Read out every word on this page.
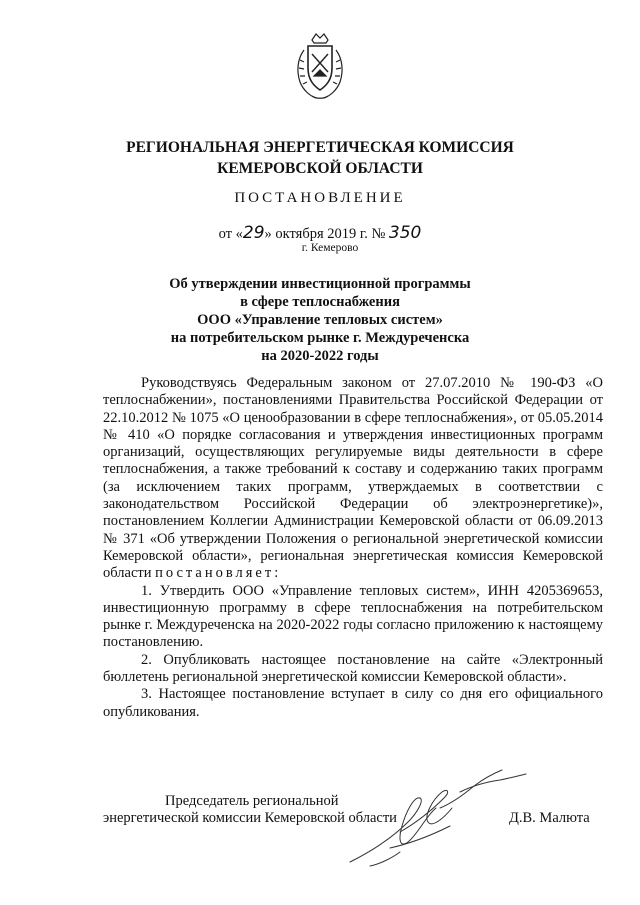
РЕГИОНАЛЬНАЯ ЭНЕРГЕТИЧЕСКАЯ КОМИССИЯ
КЕМЕРОВСКОЙ ОБЛАСТИ
ПОСТАНОВЛЕНИЕ
от «29» октября 2019 г. № 350
г. Кемерово
Об утверждении инвестиционной программы
в сфере теплоснабжения
ООО «Управление тепловых систем»
на потребительском рынке г. Междуреченска
на 2020-2022 годы

Руководствуясь Федеральным законом от 27.07.2010 № 190-ФЗ «О теплоснабжении», постановлениями Правительства Российской Федерации от 22.10.2012 № 1075 «О ценообразовании в сфере теплоснабжения», от 05.05.2014 № 410 «О порядке согласования и утверждения инвестиционных программ организаций, осуществляющих регулируемые виды деятельности в сфере теплоснабжения, а также требований к составу и содержанию таких программ (за исключением таких программ, утверждаемых в соответствии с законодательством Российской Федерации об электроэнергетике)», постановлением Коллегии Администрации Кемеровской области от 06.09.2013 № 371 «Об утверждении Положения о региональной энергетической комиссии Кемеровской области», региональная энергетическая комиссия Кемеровской области постановляет:

1. Утвердить ООО «Управление тепловых систем», ИНН 4205369653, инвестиционную программу в сфере теплоснабжения на потребительском рынке г. Междуреченска на 2020-2022 годы согласно приложению к настоящему постановлению.

2. Опубликовать настоящее постановление на сайте «Электронный бюллетень региональной энергетической комиссии Кемеровской области».

3. Настоящее постановление вступает в силу со дня его официального опубликования.

Председатель региональной
энергетической комиссии Кемеровской области	Д.В. Малюта
